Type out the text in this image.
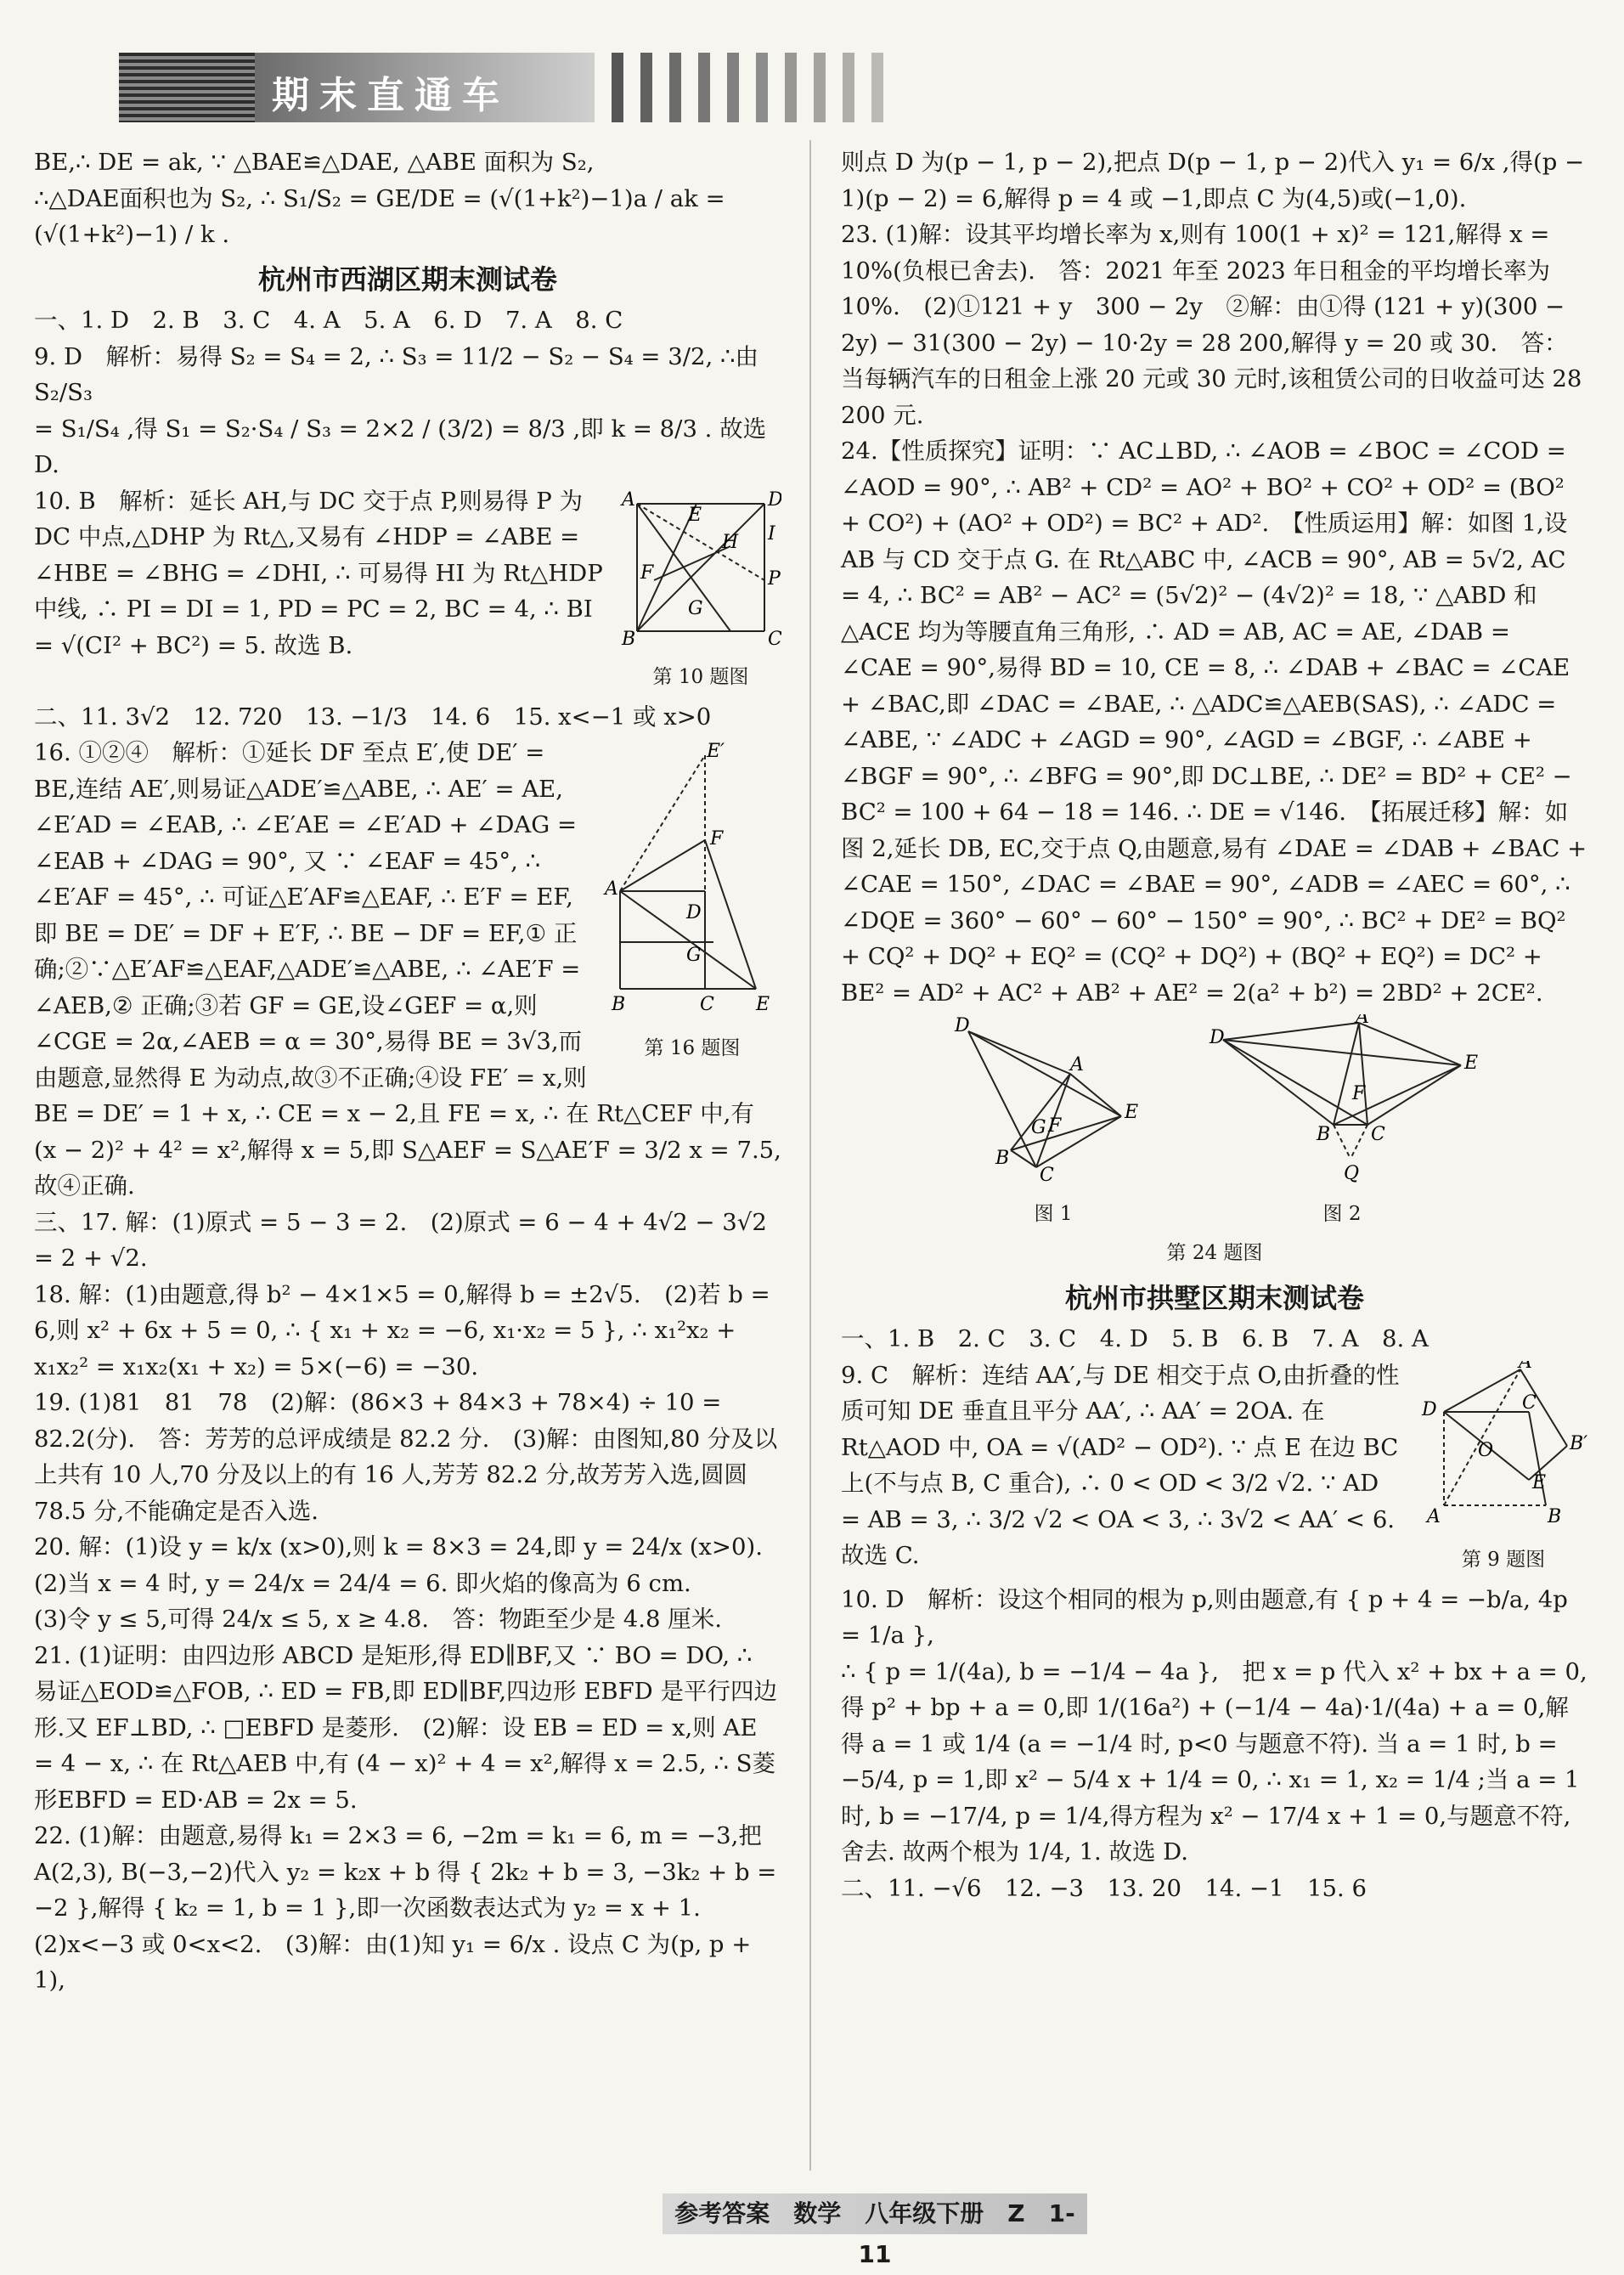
期末直通车

BE,∴ DE = ak, ∵ △BAE≌△DAE, △ABE 面积为 S₂,

∴△DAE面积也为 S₂, ∴ S₁/S₂ = GE/DE = (√(1+k²)−1)a / ak =

(√(1+k²)−1) / k .

杭州市西湖区期末测试卷

一、1. D　2. B　3. C　4. A　5. A　6. D　7. A　8. C

9. D　解析：易得 S₂ = S₄ = 2, ∴ S₃ = 11/2 − S₂ − S₄ = 3/2, ∴由 S₂/S₃

= S₁/S₄ ,得 S₁ = S₂·S₄ / S₃ = 2×2 / (3/2) = 8/3 ,即 k = 8/3 . 故选 D.

A	D
E
H I
P
F
G
B	C
第 10 题图
10. B　解析：延长 AH,与 DC 交于点 P,则易得 P 为 DC 中点,△DHP 为 Rt△,又易有 ∠HDP = ∠ABE = ∠HBE = ∠BHG = ∠DHI, ∴ 可易得 HI 为 Rt△HDP 中线, ∴ PI = DI = 1, PD = PC = 2, BC = 4, ∴ BI = √(CI² + BC²) = 5. 故选 B.

二、11. 3√2　12. 720　13. −1/3　14. 6　15. x<−1 或 x>0

E′
F
A
D
G
B	C E
第 16 题图
16. ①②④　解析：①延长 DF 至点 E′,使 DE′ = BE,连结 AE′,则易证△ADE′≌△ABE, ∴ AE′ = AE, ∠E′AD = ∠EAB, ∴ ∠E′AE = ∠E′AD + ∠DAG = ∠EAB + ∠DAG = 90°, 又 ∵ ∠EAF = 45°, ∴ ∠E′AF = 45°, ∴ 可证△E′AF≌△EAF, ∴ E′F = EF,即 BE = DE′ = DF + E′F, ∴ BE − DF = EF,① 正确;②∵△E′AF≌△EAF,△ADE′≌△ABE, ∴ ∠AE′F = ∠AEB,② 正确;③若 GF = GE,设∠GEF = α,则∠CGE = 2α,∠AEB = α = 30°,易得 BE = 3√3,而由题意,显然得 E 为动点,故③不正确;④设 FE′ = x,则 BE = DE′ = 1 + x, ∴ CE = x − 2,且 FE = x, ∴ 在 Rt△CEF 中,有 (x − 2)² + 4² = x²,解得 x = 5,即 S△AEF = S△AE′F = 3/2 x = 7.5,故④正确.

三、17. 解：(1)原式 = 5 − 3 = 2.　(2)原式 = 6 − 4 + 4√2 − 3√2 = 2 + √2.

18. 解：(1)由题意,得 b² − 4×1×5 = 0,解得 b = ±2√5.　(2)若 b = 6,则 x² + 6x + 5 = 0, ∴ { x₁ + x₂ = −6, x₁·x₂ = 5 }, ∴ x₁²x₂ + x₁x₂² = x₁x₂(x₁ + x₂) = 5×(−6) = −30.

19. (1)81　81　78　(2)解：(86×3 + 84×3 + 78×4) ÷ 10 = 82.2(分).　答：芳芳的总评成绩是 82.2 分.　(3)解：由图知,80 分及以上共有 10 人,70 分及以上的有 16 人,芳芳 82.2 分,故芳芳入选,圆圆 78.5 分,不能确定是否入选.

20. 解：(1)设 y = k/x (x>0),则 k = 8×3 = 24,即 y = 24/x (x>0).

(2)当 x = 4 时, y = 24/x = 24/4 = 6. 即火焰的像高为 6 cm.

(3)令 y ≤ 5,可得 24/x ≤ 5, x ≥ 4.8.　答：物距至少是 4.8 厘米.

21. (1)证明：由四边形 ABCD 是矩形,得 ED∥BF,又 ∵ BO = DO, ∴ 易证△EOD≌△FOB, ∴ ED = FB,即 ED∥BF,四边形 EBFD 是平行四边形.又 EF⊥BD, ∴ □EBFD 是菱形.　(2)解：设 EB = ED = x,则 AE = 4 − x, ∴ 在 Rt△AEB 中,有 (4 − x)² + 4 = x²,解得 x = 2.5, ∴ S菱形EBFD = ED·AB = 2x = 5.

22. (1)解：由题意,易得 k₁ = 2×3 = 6, −2m = k₁ = 6, m = −3,把 A(2,3), B(−3,−2)代入 y₂ = k₂x + b 得 { 2k₂ + b = 3, −3k₂ + b = −2 },解得 { k₂ = 1, b = 1 },即一次函数表达式为 y₂ = x + 1.　(2)x<−3 或 0<x<2.　(3)解：由(1)知 y₁ = 6/x . 设点 C 为(p, p + 1),

则点 D 为(p − 1, p − 2),把点 D(p − 1, p − 2)代入 y₁ = 6/x ,得(p − 1)(p − 2) = 6,解得 p = 4 或 −1,即点 C 为(4,5)或(−1,0).

23. (1)解：设其平均增长率为 x,则有 100(1 + x)² = 121,解得 x = 10%(负根已舍去).　答：2021 年至 2023 年日租金的平均增长率为 10%.　(2)①121 + y　300 − 2y　②解：由①得 (121 + y)(300 − 2y) − 31(300 − 2y) − 10·2y = 28 200,解得 y = 20 或 30.　答：当每辆汽车的日租金上涨 20 元或 30 元时,该租赁公司的日收益可达 28 200 元.

24.【性质探究】证明：∵ AC⊥BD, ∴ ∠AOB = ∠BOC = ∠COD = ∠AOD = 90°, ∴ AB² + CD² = AO² + BO² + CO² + OD² = (BO² + CO²) + (AO² + OD²) = BC² + AD².　【性质运用】解：如图 1,设 AB 与 CD 交于点 G. 在 Rt△ABC 中, ∠ACB = 90°, AB = 5√2, AC = 4, ∴ BC² = AB² − AC² = (5√2)² − (4√2)² = 18, ∵ △ABD 和△ACE 均为等腰直角三角形, ∴ AD = AB, AC = AE, ∠DAB = ∠CAE = 90°,易得 BD = 10, CE = 8, ∴ ∠DAB + ∠BAC = ∠CAE + ∠BAC,即 ∠DAC = ∠BAE, ∴ △ADC≌△AEB(SAS), ∴ ∠ADC = ∠ABE, ∵ ∠ADC + ∠AGD = 90°, ∠AGD = ∠BGF, ∴ ∠ABE + ∠BGF = 90°, ∴ ∠BFG = 90°,即 DC⊥BE, ∴ DE² = BD² + CE² − BC² = 100 + 64 − 18 = 146. ∴ DE = √146.　【拓展迁移】解：如图 2,延长 DB, EC,交于点 Q,由题意,易有 ∠DAE = ∠DAB + ∠BAC + ∠CAE = 150°, ∠DAC = ∠BAE = 90°, ∠ADB = ∠AEC = 60°, ∴ ∠DQE = 360° − 60° − 60° − 150° = 90°, ∴ BC² + DE² = BQ² + CQ² + DQ² + EQ² = (CQ² + DQ²) + (BQ² + EQ²) = DC² + BE² = AD² + AC² + AB² + AE² = 2(a² + b²) = 2BD² + 2CE².

D
A
E
G F
B
C
图 1
D
A
E
F
B C
Q
图 2
第 24 题图

杭州市拱墅区期末测试卷

一、1. B　2. C　3. C　4. D　5. B　6. B　7. A　8. A

A′
D	C
O	B′
E
A	B
第 9 题图
9. C　解析：连结 AA′,与 DE 相交于点 O,由折叠的性质可知 DE 垂直且平分 AA′, ∴ AA′ = 2OA. 在 Rt△AOD 中, OA = √(AD² − OD²). ∵ 点 E 在边 BC 上(不与点 B, C 重合), ∴ 0 < OD < 3/2 √2. ∵ AD = AB = 3, ∴ 3/2 √2 < OA < 3, ∴ 3√2 < AA′ < 6. 故选 C.

10. D　解析：设这个相同的根为 p,则由题意,有 { p + 4 = −b/a, 4p = 1/a },

∴ { p = 1/(4a), b = −1/4 − 4a },　把 x = p 代入 x² + bx + a = 0,得 p² + bp + a = 0,即 1/(16a²) + (−1/4 − 4a)·1/(4a) + a = 0,解得 a = 1 或 1/4 (a = −1/4 时, p<0 与题意不符). 当 a = 1 时, b = −5/4, p = 1,即 x² − 5/4 x + 1/4 = 0, ∴ x₁ = 1, x₂ = 1/4 ;当 a = 1 时, b = −17/4, p = 1/4,得方程为 x² − 17/4 x + 1 = 0,与题意不符,舍去. 故两个根为 1/4, 1. 故选 D.

二、11. −√6　12. −3　13. 20　14. −1　15. 6

参考答案　数学　八年级下册　Z　1-11
